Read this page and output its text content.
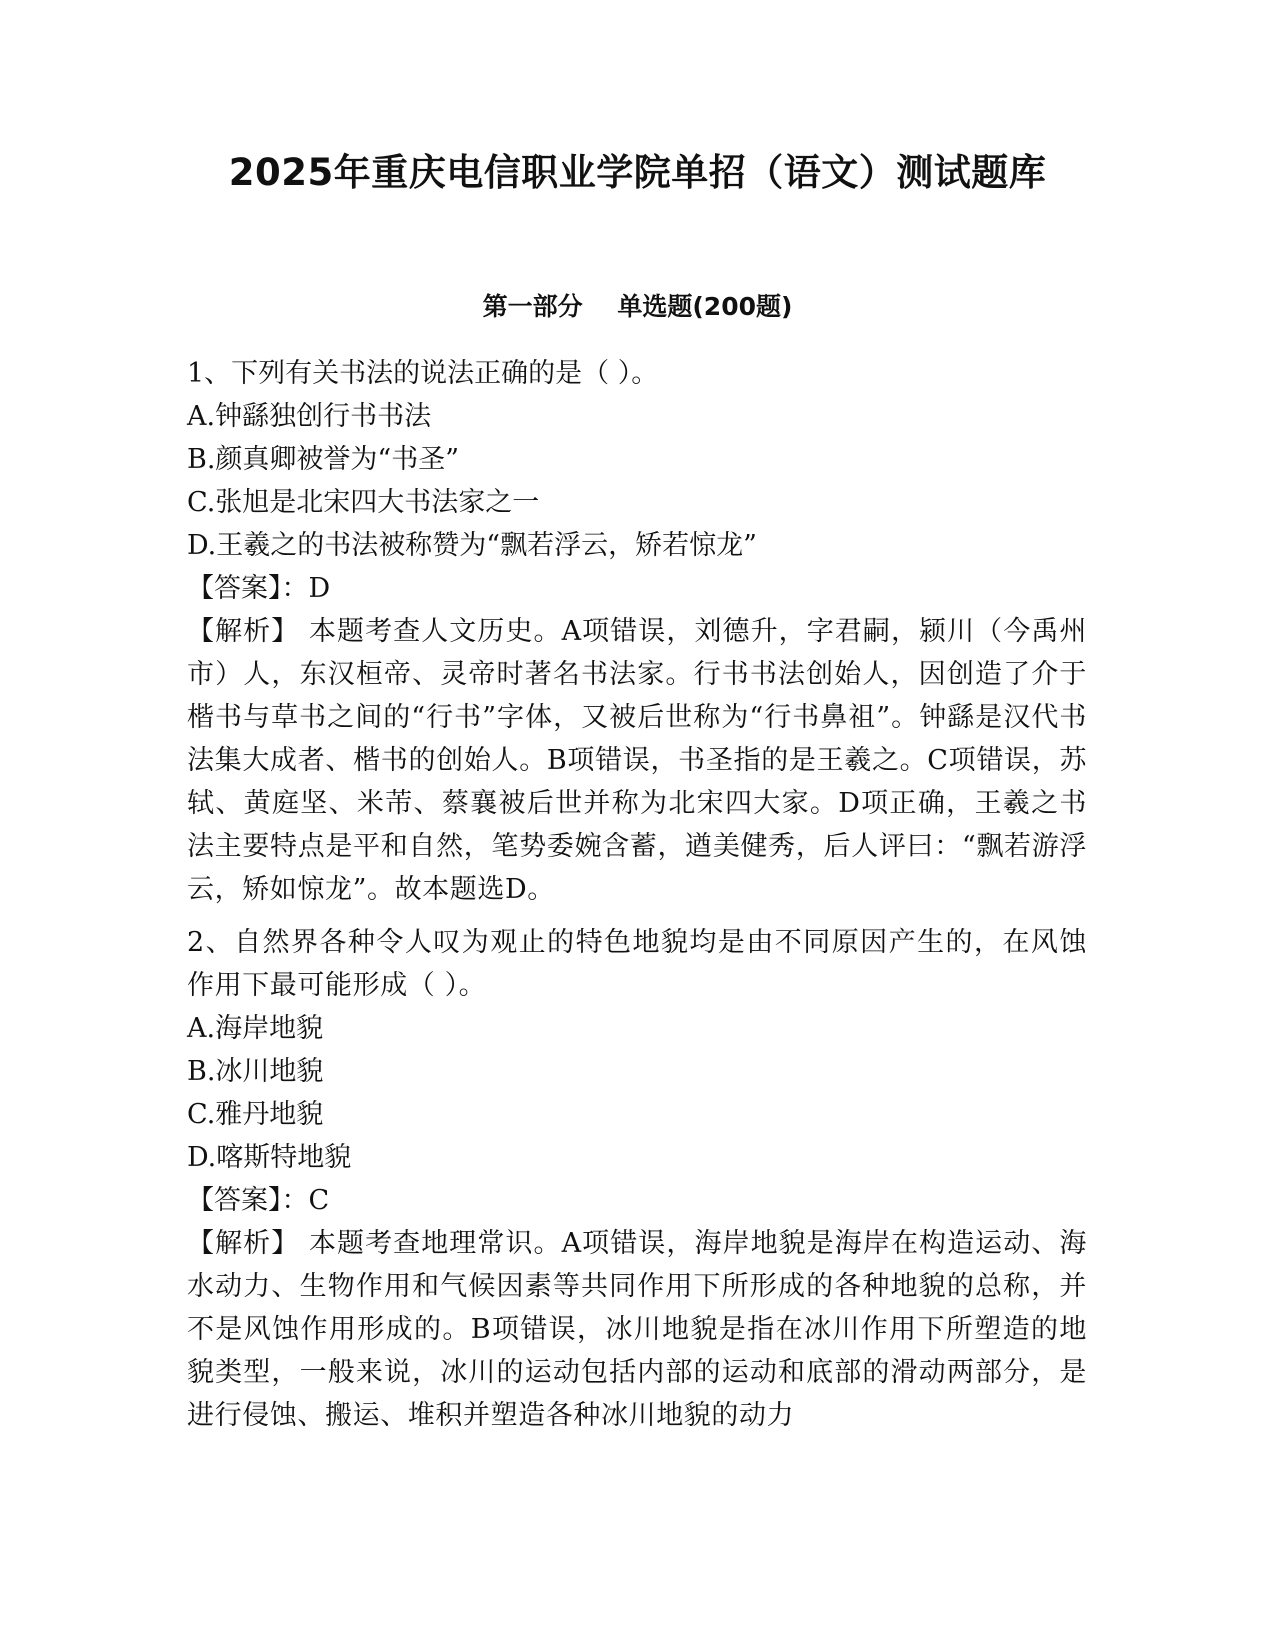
2025年重庆电信职业学院单招（语文）测试题库
第一部分    单选题(200题)
1、下列有关书法的说法正确的是（ ）。
A.钟繇独创行书书法
B.颜真卿被誉为“书圣”
C.张旭是北宋四大书法家之一
D.王羲之的书法被称赞为“飘若浮云，矫若惊龙”
【答案】：D
【解析】 本题考查人文历史。A项错误，刘德升，字君嗣，颍川（今禹州市）人，东汉桓帝、灵帝时著名书法家。行书书法创始人，因创造了介于楷书与草书之间的“行书”字体，又被后世称为“行书鼻祖”。钟繇是汉代书法集大成者、楷书的创始人。B项错误，书圣指的是王羲之。C项错误，苏轼、黄庭坚、米芾、蔡襄被后世并称为北宋四大家。D项正确，王羲之书法主要特点是平和自然，笔势委婉含蓄，遒美健秀，后人评曰：“飘若游浮云，矫如惊龙”。故本题选D。
2、自然界各种令人叹为观止的特色地貌均是由不同原因产生的，在风蚀作用下最可能形成（ ）。
A.海岸地貌
B.冰川地貌
C.雅丹地貌
D.喀斯特地貌
【答案】：C
【解析】 本题考查地理常识。A项错误，海岸地貌是海岸在构造运动、海水动力、生物作用和气候因素等共同作用下所形成的各种地貌的总称，并不是风蚀作用形成的。B项错误，冰川地貌是指在冰川作用下所塑造的地貌类型，一般来说，冰川的运动包括内部的运动和底部的滑动两部分，是进行侵蚀、搬运、堆积并塑造各种冰川地貌的动力
